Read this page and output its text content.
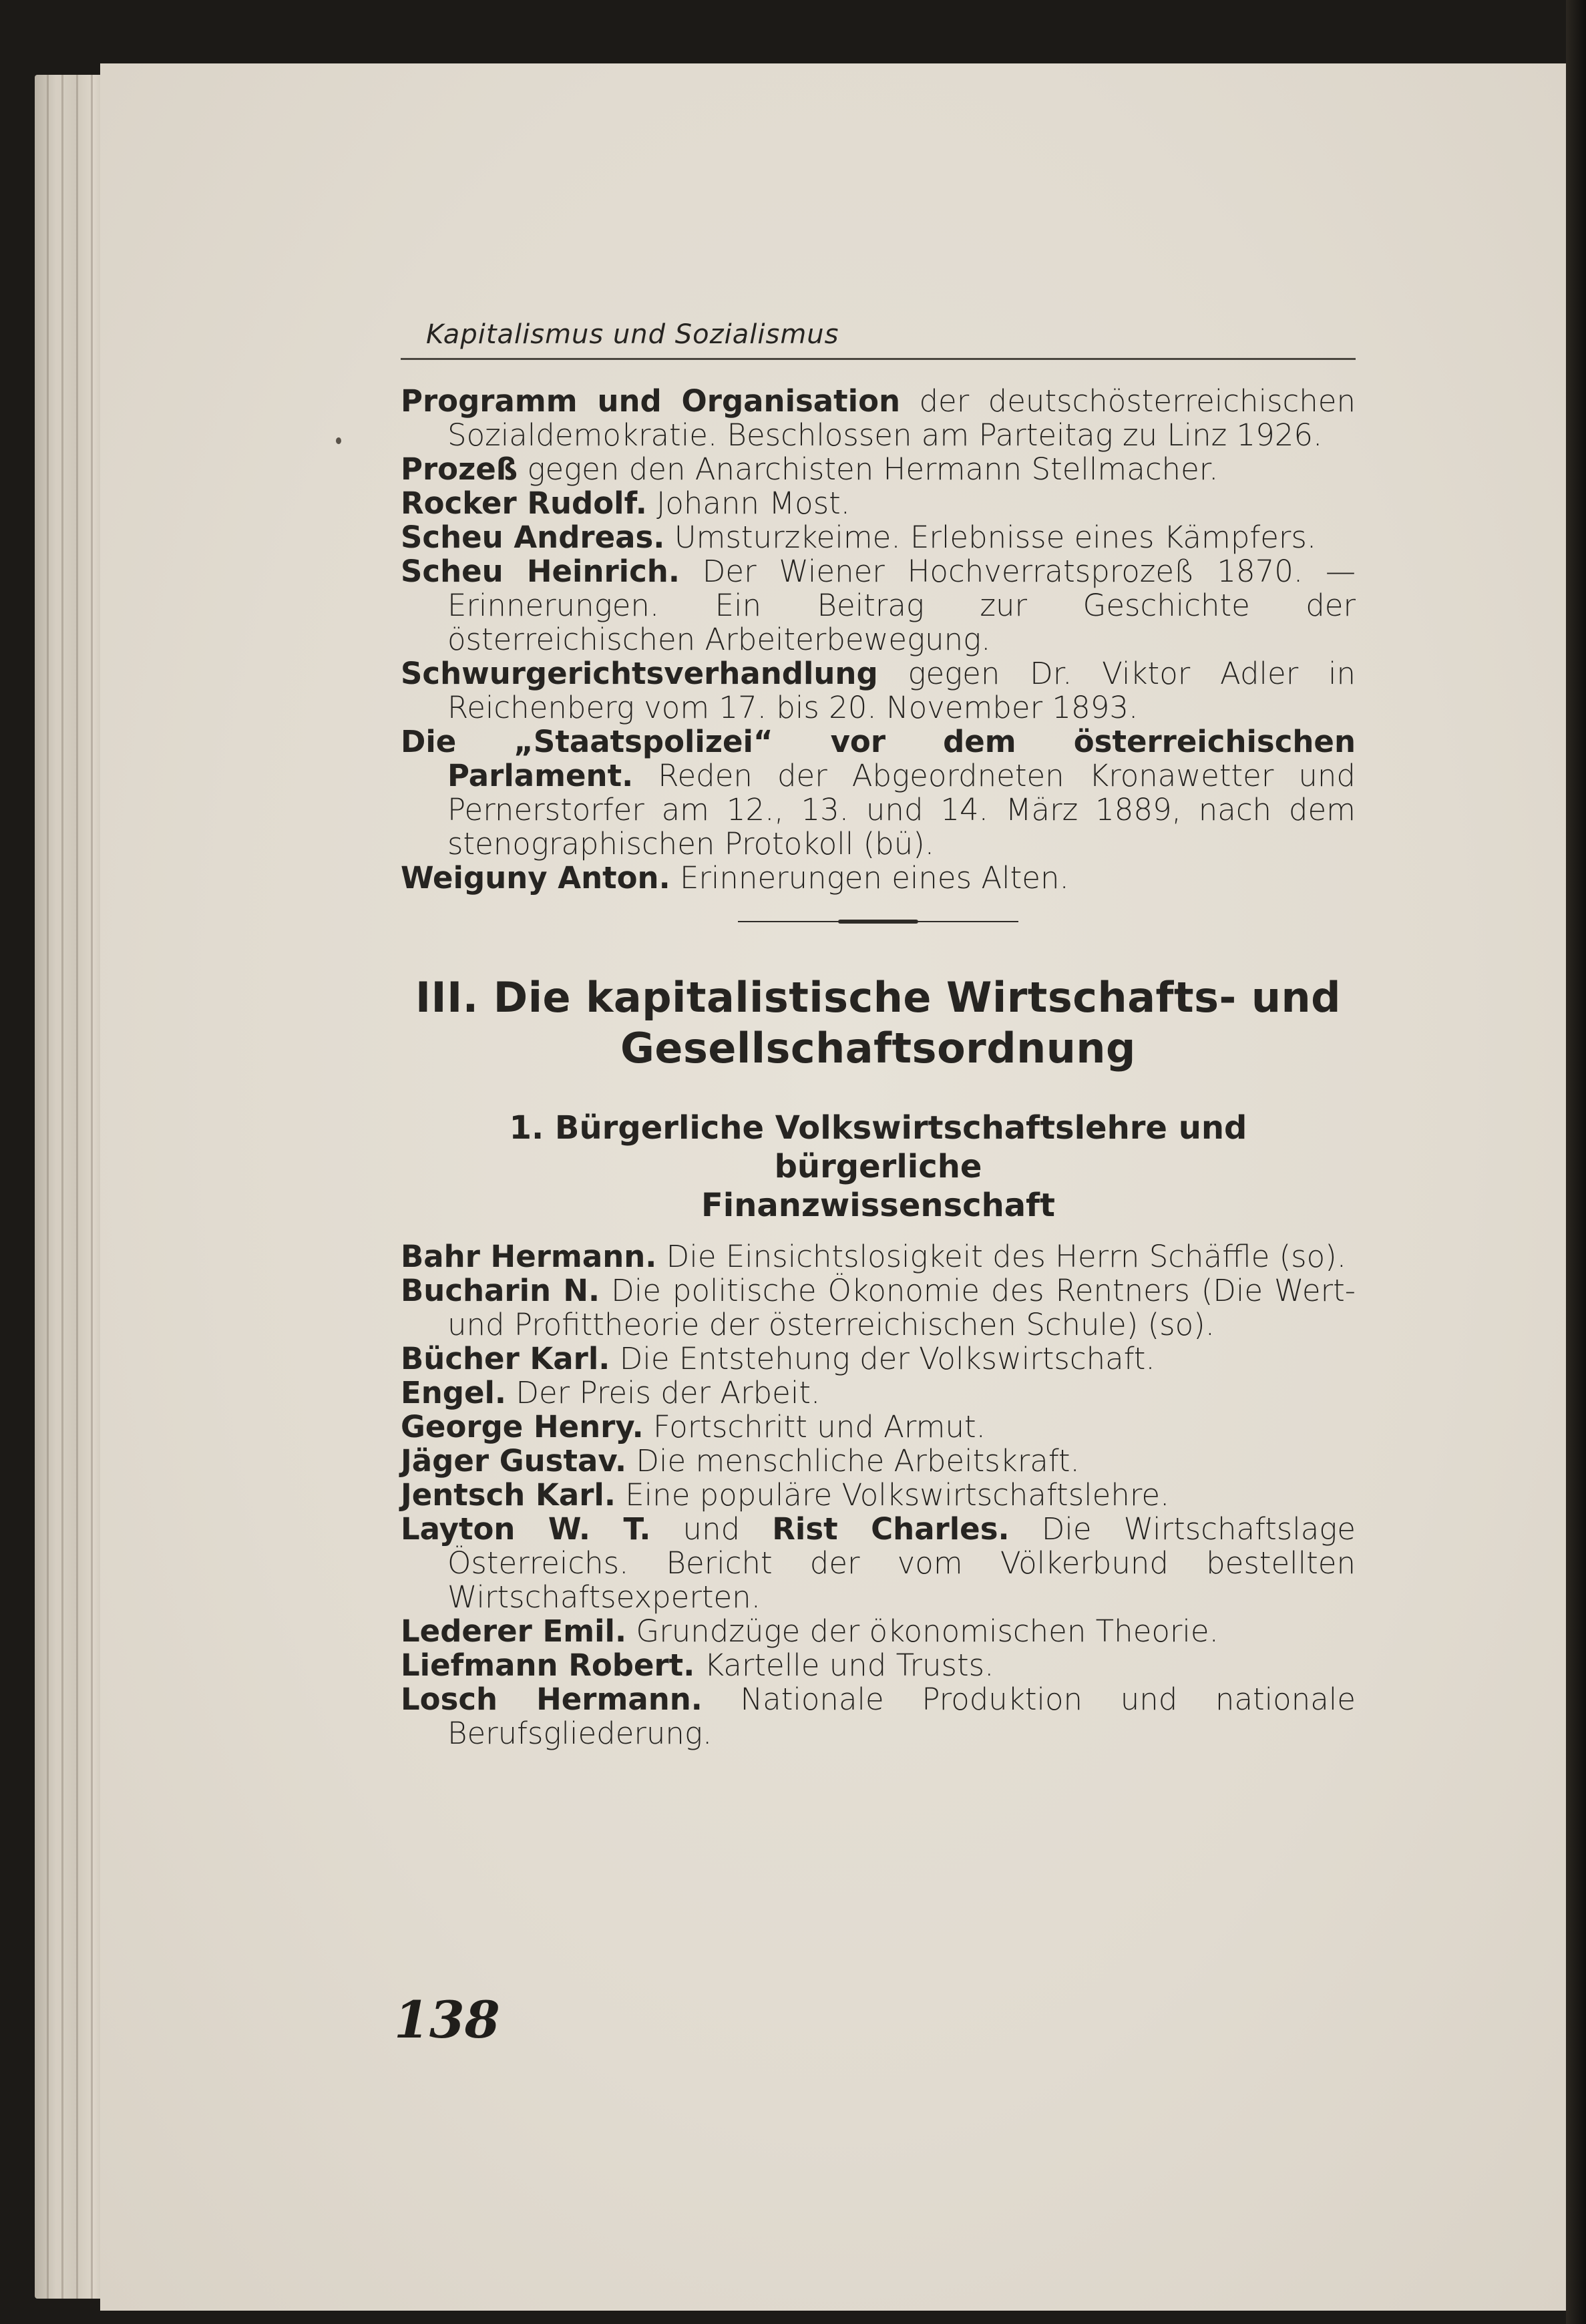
Kapitalismus und Sozialismus
Programm und Organisation der deutschösterreichischen Sozialdemokratie. Beschlossen am Parteitag zu Linz 1926.
Prozeß gegen den Anarchisten Hermann Stellmacher.
Rocker Rudolf. Johann Most.
Scheu Andreas. Umsturzkeime. Erlebnisse eines Kämpfers.
Scheu Heinrich. Der Wiener Hochverratsprozeß 1870. — Erinnerungen. Ein Beitrag zur Geschichte der österreichischen Arbeiterbewegung.
Schwurgerichtsverhandlung gegen Dr. Viktor Adler in Reichenberg vom 17. bis 20. November 1893.
Die „Staatspolizei“ vor dem österreichischen Parlament. Reden der Abgeordneten Kronawetter und Pernerstorfer am 12., 13. und 14. März 1889, nach dem stenographischen Protokoll (bü).
Weiguny Anton. Erinnerungen eines Alten.
III. Die kapitalistische Wirtschafts- und
Gesellschaftsordnung
1. Bürgerliche Volkswirtschaftslehre und bürgerliche
Finanzwissenschaft
Bahr Hermann. Die Einsichtslosigkeit des Herrn Schäffle (so).
Bucharin N. Die politische Ökonomie des Rentners (Die Wert- und Profittheorie der österreichischen Schule) (so).
Bücher Karl. Die Entstehung der Volkswirtschaft.
Engel. Der Preis der Arbeit.
George Henry. Fortschritt und Armut.
Jäger Gustav. Die menschliche Arbeitskraft.
Jentsch Karl. Eine populäre Volkswirtschaftslehre.
Layton W. T. und Rist Charles. Die Wirtschaftslage Österreichs. Bericht der vom Völkerbund bestellten Wirtschaftsexperten.
Lederer Emil. Grundzüge der ökonomischen Theorie.
Liefmann Robert. Kartelle und Trusts.
Losch Hermann. Nationale Produktion und nationale Berufsgliederung.
138
